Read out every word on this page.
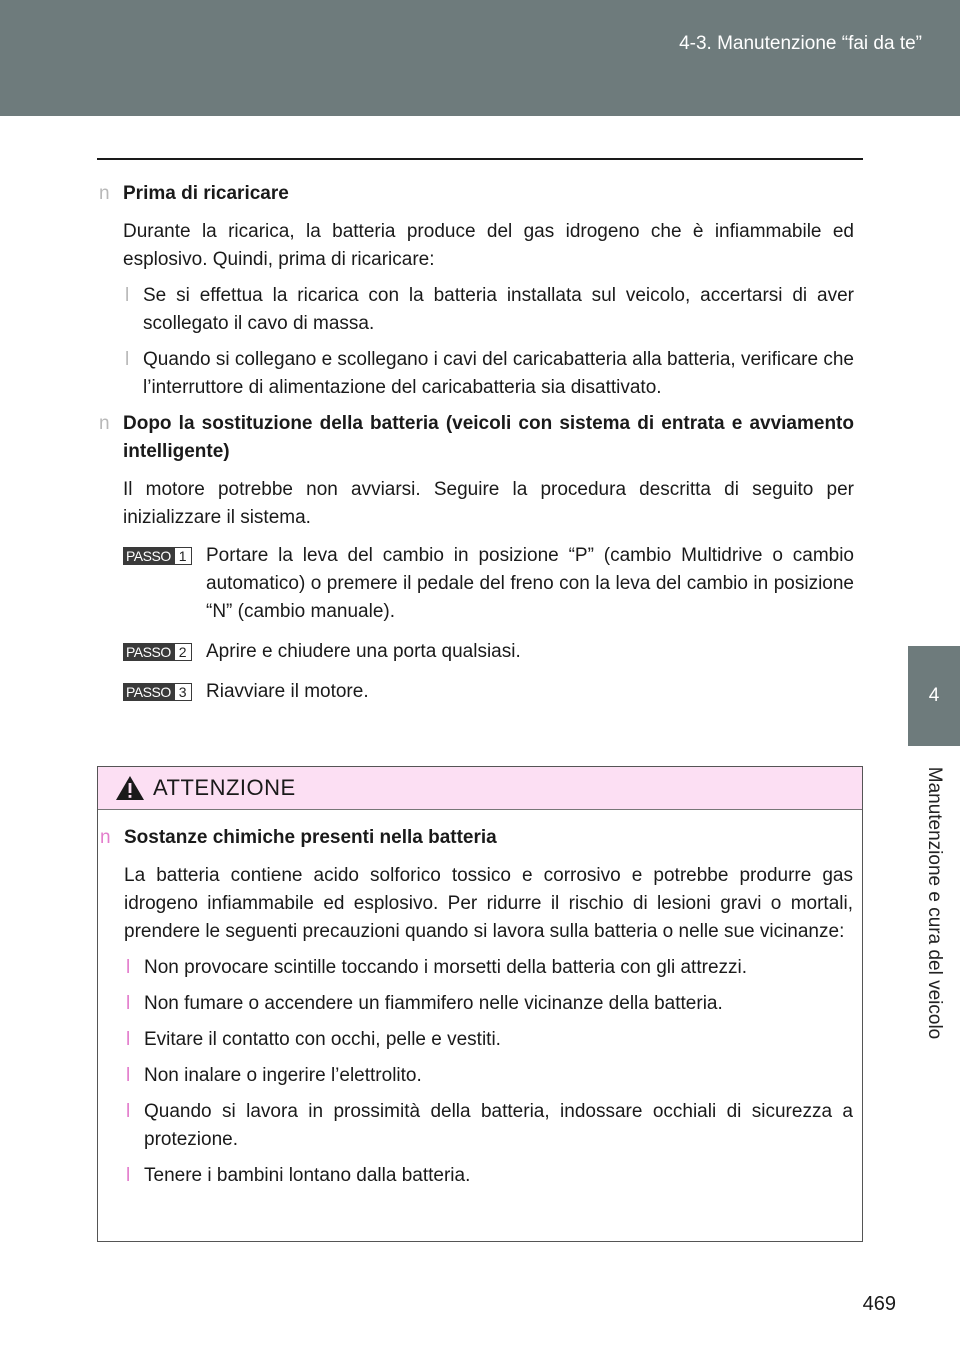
4-3. Manutenzione “fai da te”
4
Manutenzione e cura del veicolo
n Prima di ricaricare
Durante la ricarica, la batteria produce del gas idrogeno che è infiammabile ed esplosivo. Quindi, prima di ricaricare:
l Se si effettua la ricarica con la batteria installata sul veicolo, accertarsi di aver scollegato il cavo di massa.
l Quando si collegano e scollegano i cavi del caricabatteria alla batteria, verificare che l’interruttore di alimentazione del caricabatteria sia disattivato.
n Dopo la sostituzione della batteria (veicoli con sistema di entrata e avviamento intelligente)
Il motore potrebbe non avviarsi. Seguire la procedura descritta di seguito per inizializzare il sistema.
PASSO 1 Portare la leva del cambio in posizione “P” (cambio Multidrive o cambio automatico) o premere il pedale del freno con la leva del cambio in posizione “N” (cambio manuale).
PASSO 2 Aprire e chiudere una porta qualsiasi.
PASSO 3 Riavviare il motore.
ATTENZIONE
n Sostanze chimiche presenti nella batteria
La batteria contiene acido solforico tossico e corrosivo e potrebbe produrre gas idrogeno infiammabile ed esplosivo. Per ridurre il rischio di lesioni gravi o mortali, prendere le seguenti precauzioni quando si lavora sulla batteria o nelle sue vicinanze:
l Non provocare scintille toccando i morsetti della batteria con gli attrezzi.
l Non fumare o accendere un fiammifero nelle vicinanze della batteria.
l Evitare il contatto con occhi, pelle e vestiti.
l Non inalare o ingerire l’elettrolito.
l Quando si lavora in prossimità della batteria, indossare occhiali di sicurezza a protezione.
l Tenere i bambini lontano dalla batteria.
469
